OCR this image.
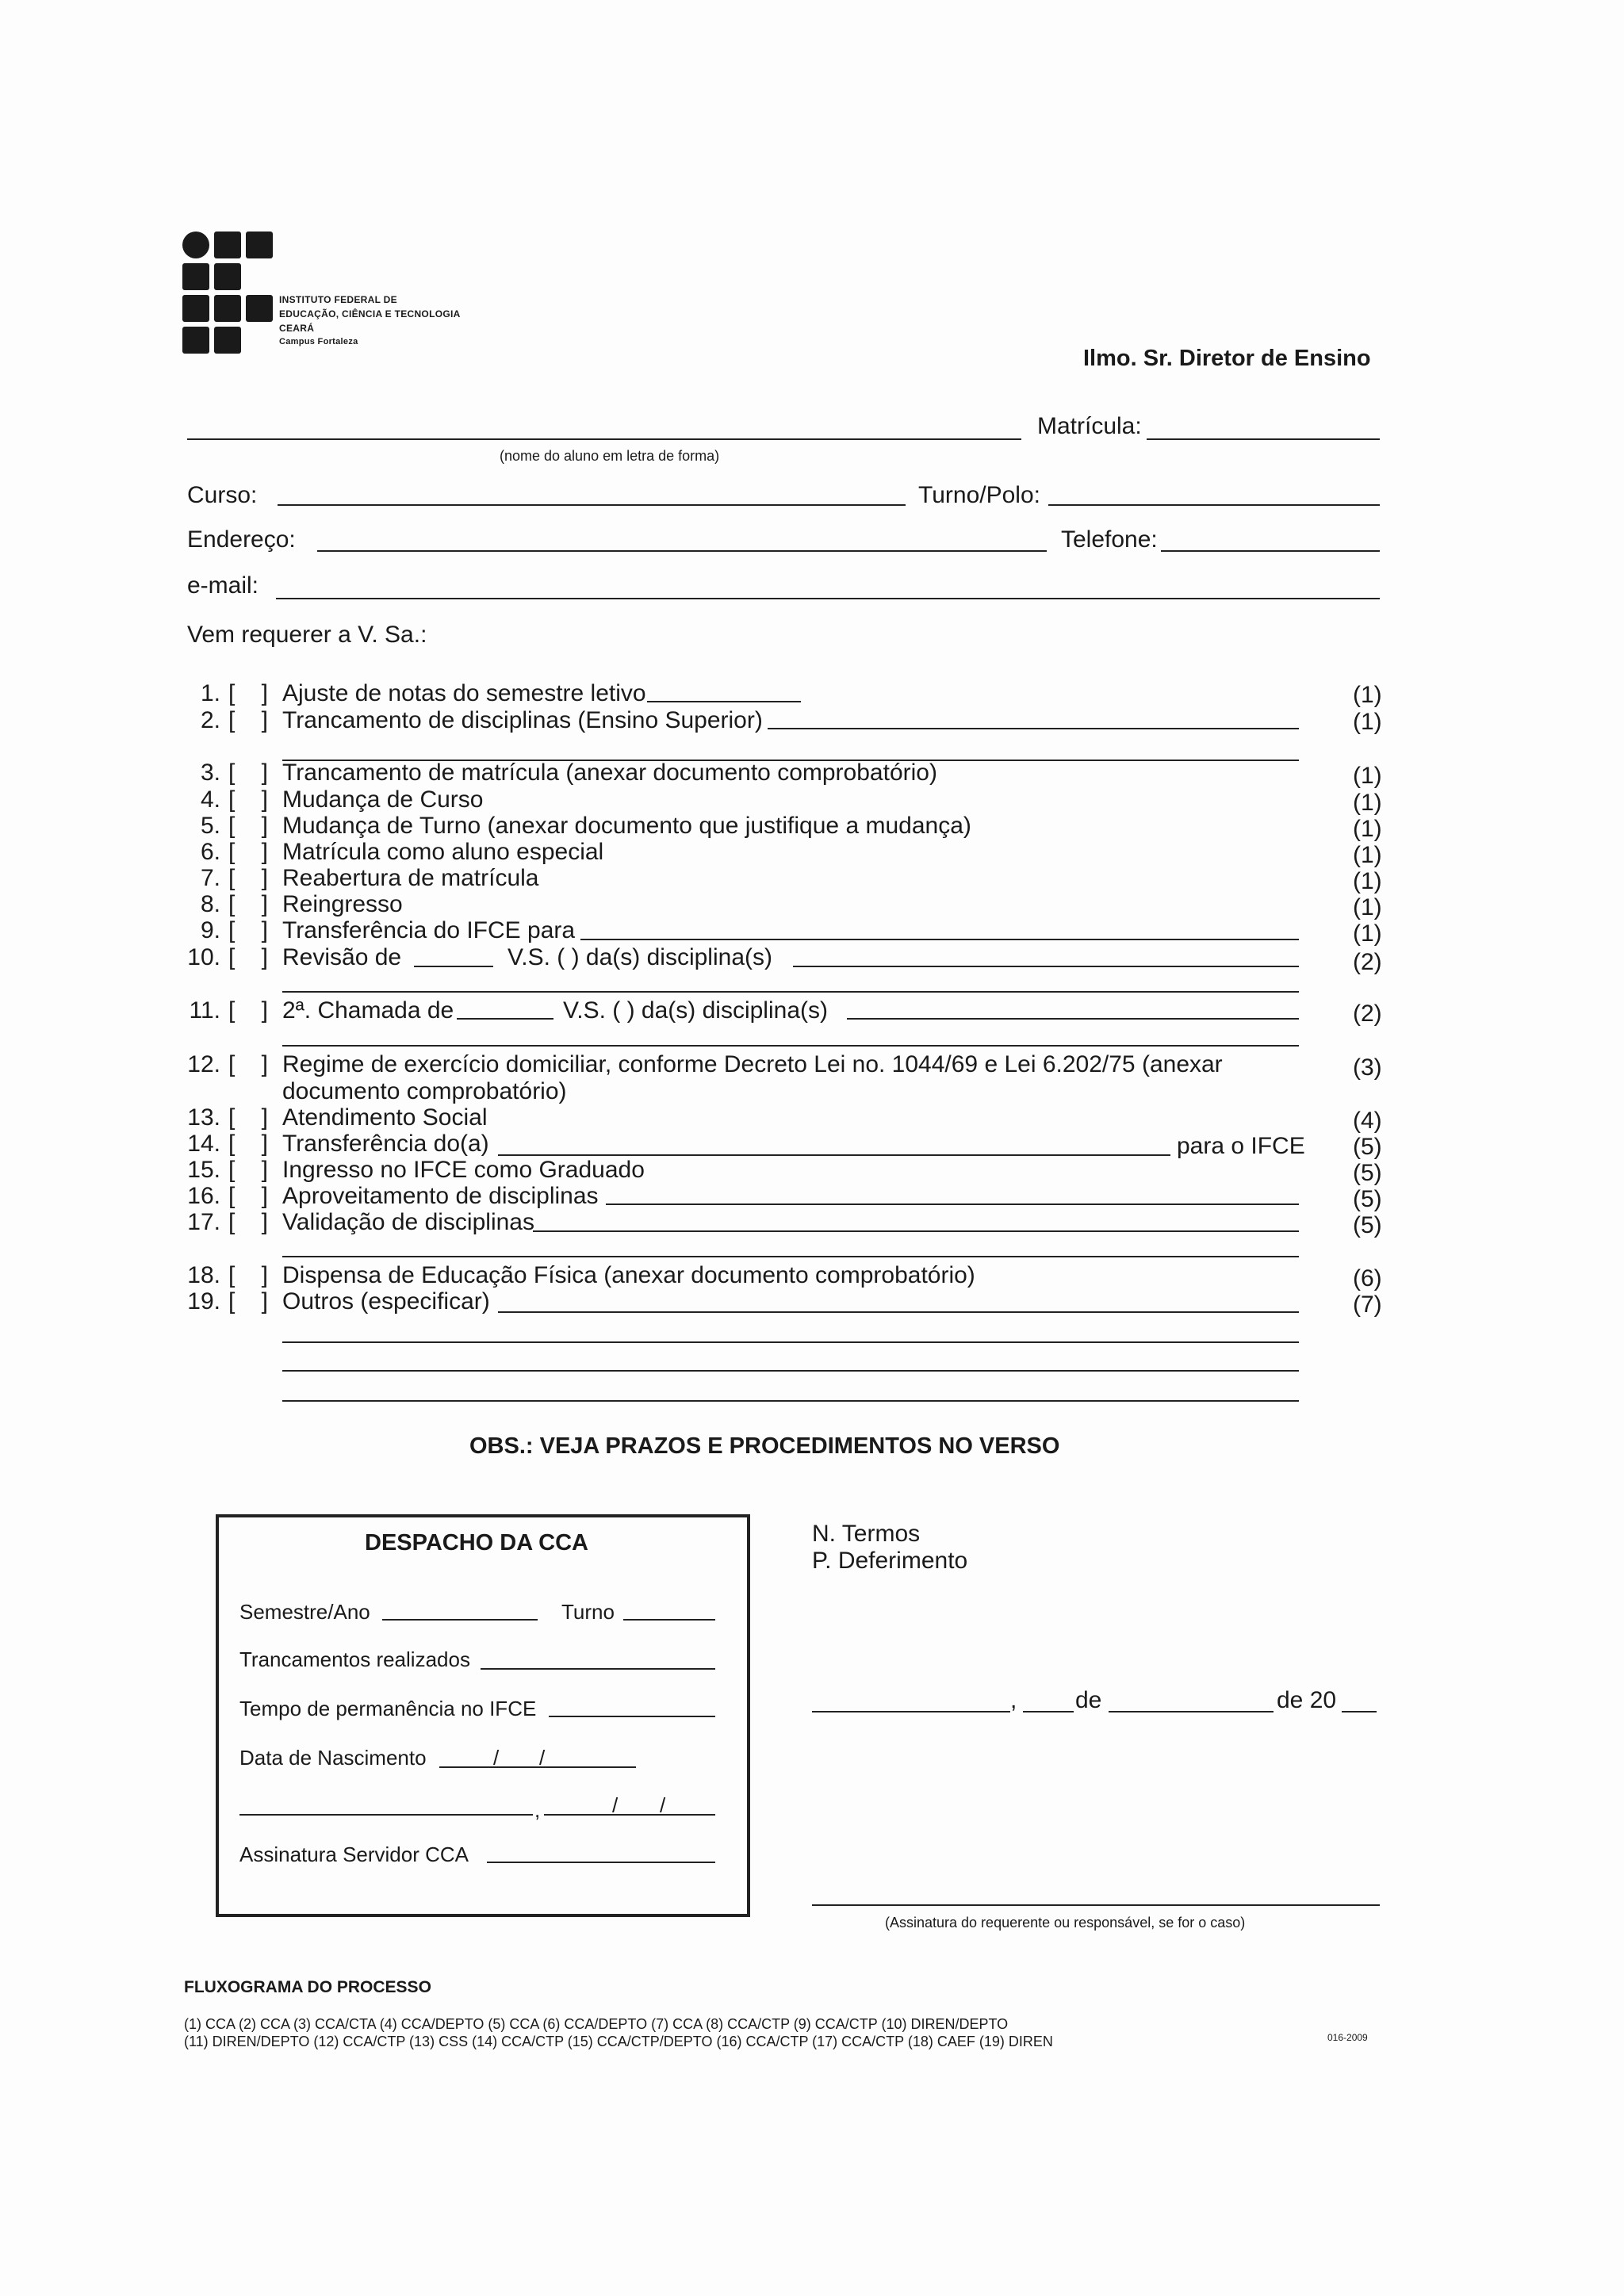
INSTITUTO FEDERAL DE
EDUCAÇÃO, CIÊNCIA E TECNOLOGIA
CEARÁ
Campus Fortaleza
Ilmo. Sr. Diretor de Ensino
(nome do aluno em letra de forma)
Matrícula:
Curso:	Turno/Polo:
Endereço:	Telefone:
e-mail:
Vem requerer a V. Sa.:
1. [    ] Ajuste de notas do semestre letivo	(1)
2. [    ] Trancamento de disciplinas (Ensino Superior)	(1)
3. [    ] Trancamento de matrícula (anexar documento comprobatório)	(1)
4. [    ] Mudança de Curso	(1)
5. [    ] Mudança de Turno (anexar documento que justifique a mudança)	(1)
6. [    ] Matrícula como aluno especial	(1)
7. [    ] Reabertura de matrícula	(1)
8. [    ] Reingresso	(1)
9. [    ] Transferência do IFCE para	(1)
10. [    ] Revisão de	V.S. ( ) da(s) disciplina(s)	(2)
11. [    ] 2ª. Chamada de	V.S. ( ) da(s) disciplina(s)	(2)
12. [    ] Regime de exercício domiciliar, conforme Decreto Lei no. 1044/69 e Lei 6.202/75 (anexar
documento comprobatório)
(3)
13. [    ] Atendimento Social	(4)
14. [    ] Transferência do(a)	para o IFCE (5)
15. [    ] Ingresso no IFCE como Graduado	(5)
16. [    ] Aproveitamento de disciplinas	(5)
17. [    ] Validação de disciplinas	(5)
18. [    ] Dispensa de Educação Física (anexar documento comprobatório)	(6)
19. [    ] Outros (especificar)	(7)
OBS.: VEJA PRAZOS E PROCEDIMENTOS NO VERSO
DESPACHO DA CCA
Semestre/Ano	Turno
Trancamentos realizados
Tempo de permanência no IFCE
Data de Nascimento	/ /
,	/ /
Assinatura Servidor CCA
N. Termos
P. Deferimento
, de	de 20
(Assinatura do requerente ou responsável, se for o caso)
FLUXOGRAMA DO PROCESSO
(1) CCA (2) CCA (3) CCA/CTA (4) CCA/DEPTO (5) CCA (6) CCA/DEPTO (7) CCA (8) CCA/CTP (9) CCA/CTP (10) DIREN/DEPTO
(11) DIREN/DEPTO (12) CCA/CTP (13) CSS (14) CCA/CTP (15) CCA/CTP/DEPTO (16) CCA/CTP (17) CCA/CTP (18) CAEF (19) DIREN	016-2009
